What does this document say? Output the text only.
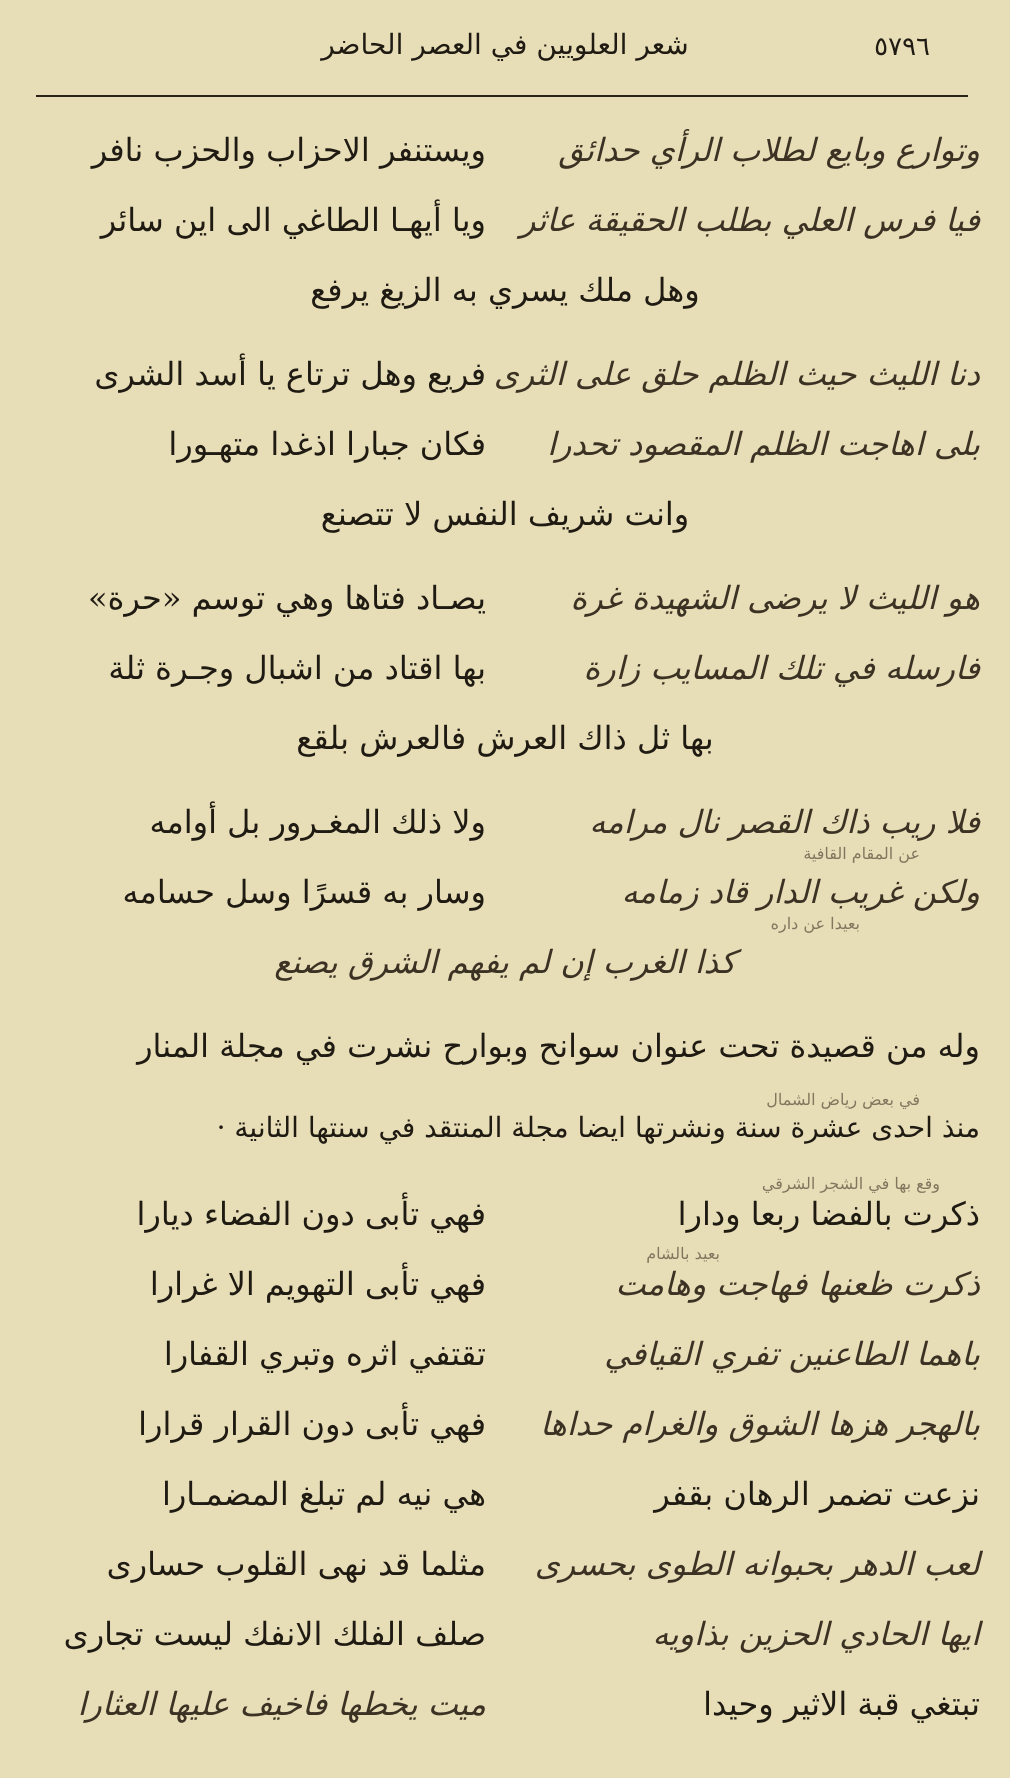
٥٧٩٦
شعر العلويين في العصر الحاضر
وتوارع وبايع لطلاب الرأي حدائق
ويستنفر الاحزاب والحزب نافر
فيا فرس العلي بطلب الحقيقة عاثر
ويا أيهـا الطاغي الى اين سائر
وهل ملك يسري به الزيغ يرفع
دنا الليث حيث الظلم حلق على الثرى
فريع وهل ترتاع يا أسد الشرى
بلى اهاجت الظلم المقصود تحدرا
فكان جبارا اذغدا متهـورا
وانت شريف النفس لا تتصنع
هو الليث لا يرضى الشهيدة غرة
يصـاد فتاها وهي توسم «حرة»
فارسله في تلك المسايب زارة
بها اقتاد من اشبال وجـرة ثلة
بها ثل ذاك العرش فالعرش بلقع
فلا ريب ذاك القصر نال مرامه
ولا ذلك المغـرور بل أوامه
عن المقام القافية
ولكن غريب الدار قاد زمامه
وسار به قسرًا وسل حسامه
بعيدا عن داره
كذا الغرب إن لم يفهم الشرق يصنع
وله من قصيدة تحت عنوان سوانح وبوارح نشرت في مجلة المنار
منذ احدى عشرة سنة ونشرتها ايضا مجلة المنتقد في سنتها الثانية ·
في بعض رياض الشمال
ذكرت بالفضا ربعا ودارا
فهي تأبى دون الفضاء ديارا
وقع بها في الشجر الشرقي
ذكرت ظعنها فهاجت وهامت
فهي تأبى التهويم الا غرارا
بعيد بالشام
باهما الطاعنين تفري القيافي
تقتفي اثره وتبري القفارا
بالهجر هزها الشوق والغرام حداها
فهي تأبى دون القرار قرارا
نزعت تضمر الرهان بقفر
هي نيه لم تبلغ المضمـارا
لعب الدهر بحبوانه الطوى بحسرى
مثلما قد نهى القلوب حسارى
ايها الحادي الحزين بذاويه
صلف الفلك الانفك ليست تجارى
تبتغي قبة الاثير وحيدا
ميت يخطها فاخيف عليها العثارا
